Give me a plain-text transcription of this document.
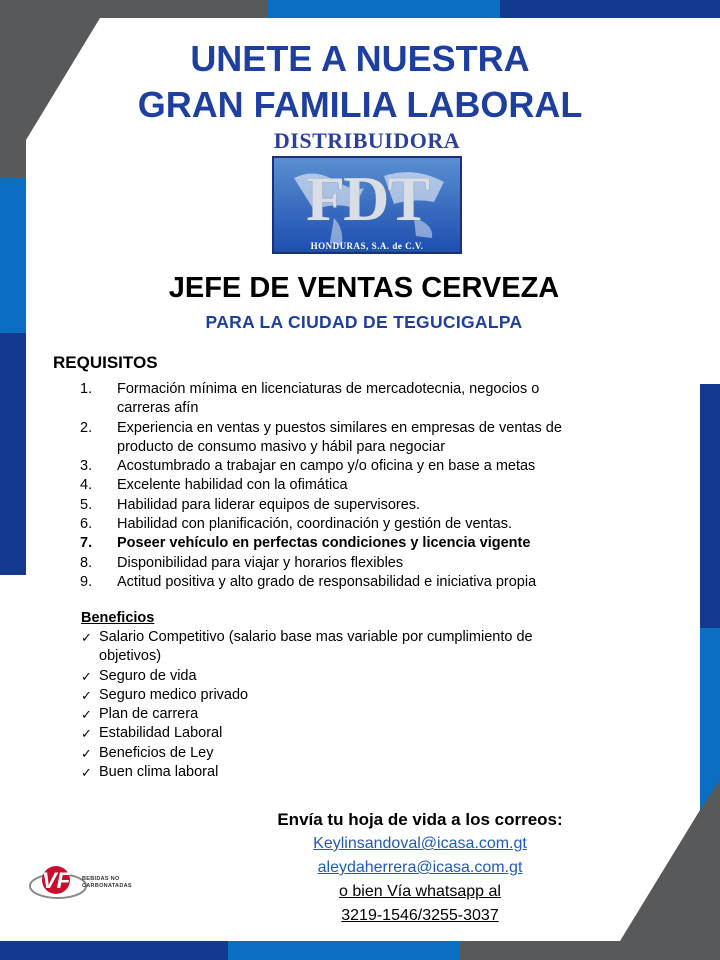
UNETE A NUESTRA
GRAN FAMILIA LABORAL
DISTRIBUIDORA
FDT
HONDURAS, S.A. de C.V.
JEFE DE VENTAS CERVEZA
PARA LA CIUDAD DE TEGUCIGALPA
REQUISITOS
1. Formación mínima en licenciaturas de mercadotecnia, negocios o carreras afín
2. Experiencia en ventas y puestos similares en empresas de ventas de producto de consumo masivo y hábil para negociar
3. Acostumbrado a trabajar en campo y/o oficina y en base a metas
4. Excelente habilidad con la ofimática
5. Habilidad para liderar equipos de supervisores.
6. Habilidad con planificación, coordinación y gestión de ventas.
7. Poseer vehículo en perfectas condiciones y licencia vigente
8. Disponibilidad para viajar y horarios flexibles
9. Actitud positiva y alto grado de responsabilidad e iniciativa propia
Beneficios
✓ Salario Competitivo (salario base mas variable por cumplimiento de objetivos)
✓ Seguro de vida
✓ Seguro medico privado
✓ Plan de carrera
✓ Estabilidad Laboral
✓ Beneficios de Ley
✓ Buen clima laboral
Envía tu hoja de vida a los correos:
Keylinsandoval@icasa.com.gt
aleydaherrera@icasa.com.gt
o bien Vía whatsapp al
3219-1546/3255-3037
VF BEBIDAS NO
CARBONATADAS
